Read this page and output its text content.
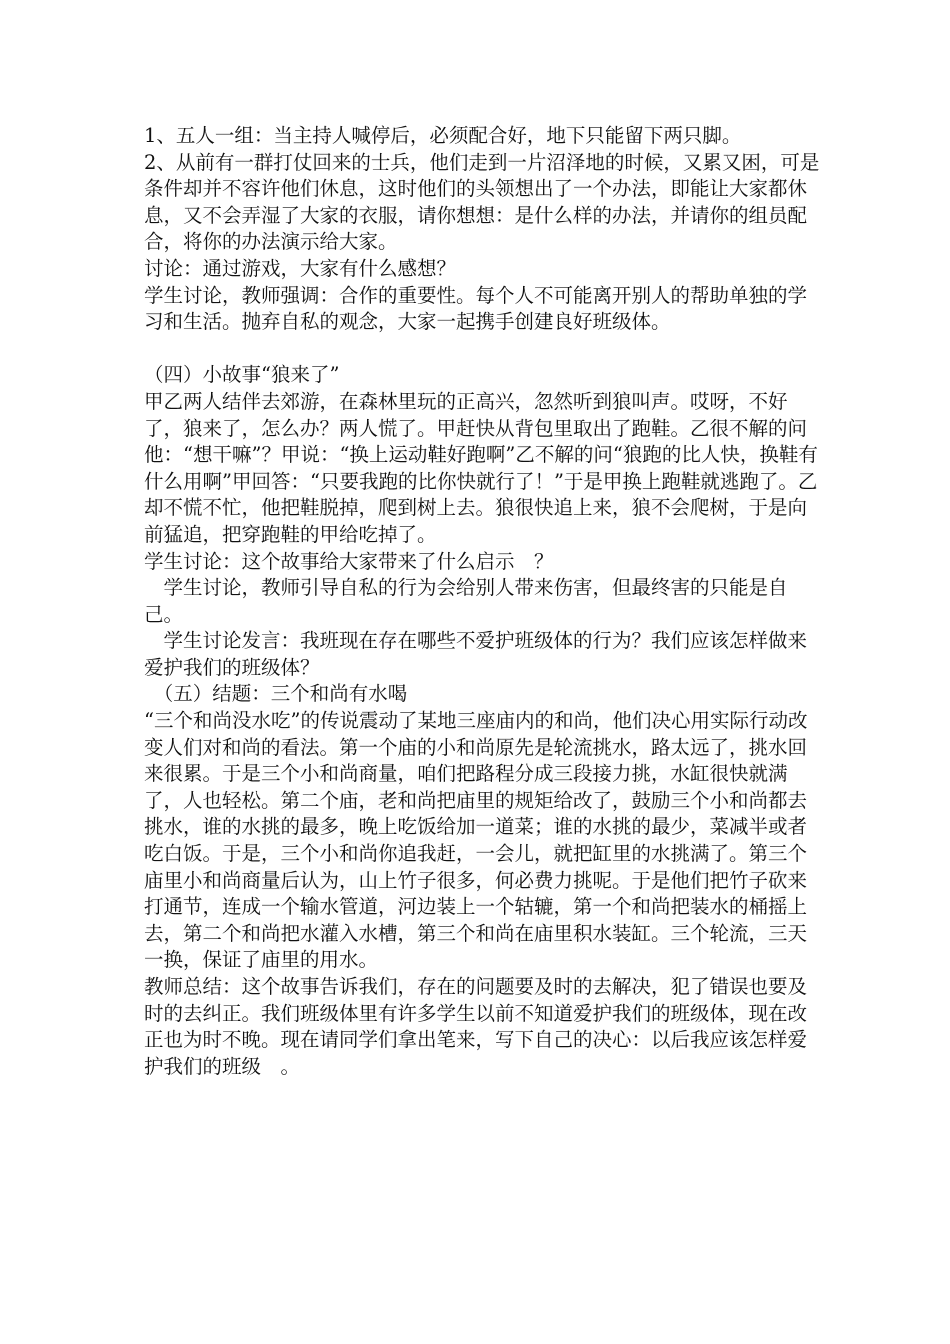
1、五人一组：当主持人喊停后，必须配合好，地下只能留下两只脚。

2、从前有一群打仗回来的士兵，他们走到一片沼泽地的时候，又累又困，可是条件却并不容许他们休息，这时他们的头领想出了一个办法，即能让大家都休息，又不会弄湿了大家的衣服，请你想想：是什么样的办法，并请你的组员配合，将你的办法演示给大家。

讨论：通过游戏，大家有什么感想？

学生讨论，教师强调：合作的重要性。每个人不可能离开别人的帮助单独的学习和生活。抛弃自私的观念，大家一起携手创建良好班级体。

（四）小故事“狼来了”

甲乙两人结伴去郊游，在森林里玩的正高兴，忽然听到狼叫声。哎呀，不好了，狼来了，怎么办？两人慌了。甲赶快从背包里取出了跑鞋。乙很不解的问他：“想干嘛”？甲说：“换上运动鞋好跑啊”乙不解的问“狼跑的比人快，换鞋有什么用啊”甲回答：“只要我跑的比你快就行了！”于是甲换上跑鞋就逃跑了。乙却不慌不忙，他把鞋脱掉，爬到树上去。狼很快追上来，狼不会爬树，于是向前猛追，把穿跑鞋的甲给吃掉了。

学生讨论：这个故事给大家带来了什么启示　？

　学生讨论，教师引导自私的行为会给别人带来伤害，但最终害的只能是自己。

　学生讨论发言：我班现在存在哪些不爱护班级体的行为？我们应该怎样做来爱护我们的班级体？

　（五）结题：三个和尚有水喝

“三个和尚没水吃”的传说震动了某地三座庙内的和尚，他们决心用实际行动改变人们对和尚的看法。第一个庙的小和尚原先是轮流挑水，路太远了，挑水回来很累。于是三个小和尚商量，咱们把路程分成三段接力挑，水缸很快就满了，人也轻松。第二个庙，老和尚把庙里的规矩给改了，鼓励三个小和尚都去挑水，谁的水挑的最多，晚上吃饭给加一道菜；谁的水挑的最少，菜减半或者吃白饭。于是，三个小和尚你追我赶，一会儿，就把缸里的水挑满了。第三个庙里小和尚商量后认为，山上竹子很多，何必费力挑呢。于是他们把竹子砍来打通节，连成一个输水管道，河边装上一个轱辘，第一个和尚把装水的桶摇上去，第二个和尚把水灌入水槽，第三个和尚在庙里积水装缸。三个轮流，三天一换，保证了庙里的用水。

教师总结：这个故事告诉我们，存在的问题要及时的去解决，犯了错误也要及时的去纠正。我们班级体里有许多学生以前不知道爱护我们的班级体，现在改正也为时不晚。现在请同学们拿出笔来，写下自己的决心：以后我应该怎样爱护我们的班级　。
